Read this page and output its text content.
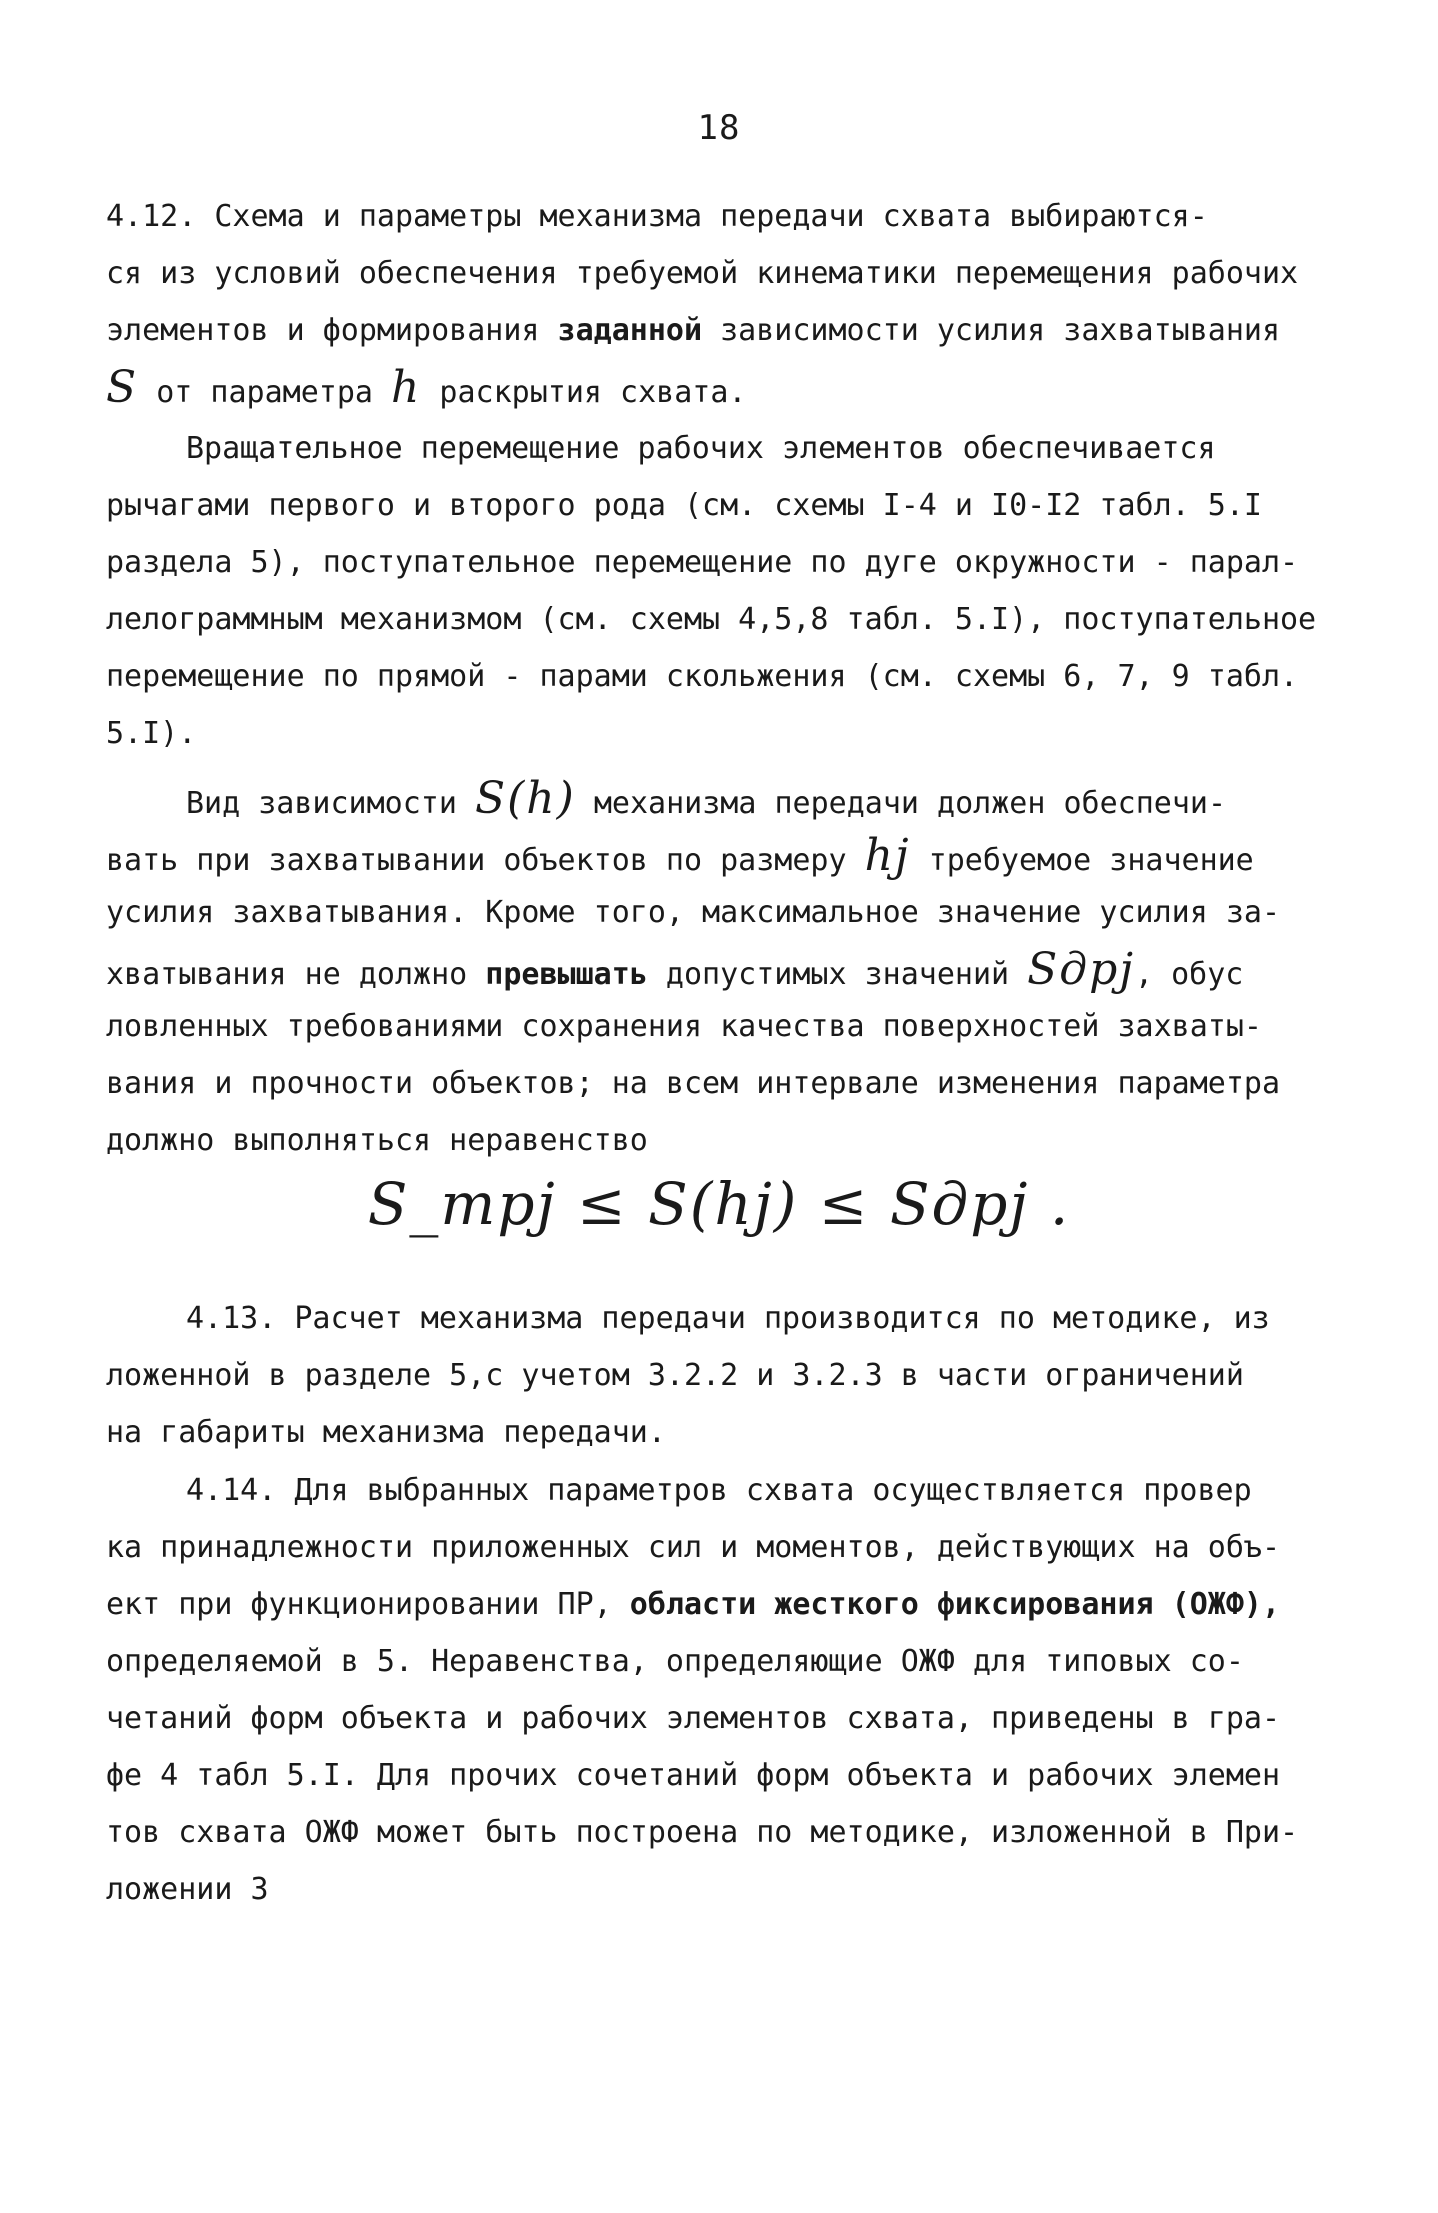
18
4.12. Схема и параметры механизма передачи схвата выбираются-
ся из условий обеспечения требуемой кинематики перемещения рабочих
элементов и формирования заданной зависимости усилия захватывания
S от параметра h раскрытия схвата.
Вращательное перемещение рабочих элементов обеспечивается
рычагами первого и второго рода (см. схемы I-4 и I0-I2 табл. 5.I
раздела 5), поступательное перемещение по дуге окружности - парал-
лелограммным механизмом (см. схемы 4,5,8 табл. 5.I), поступательное
перемещение по прямой - парами скольжения (см. схемы 6, 7, 9 табл.
5.I).
Вид зависимости S(h) механизма передачи должен обеспечи-
вать при захватывании объектов по размеру hj требуемое значение
усилия захватывания. Кроме того, максимальное значение усилия за-
хватывания не должно превышать допустимых значений Sдрj, обус
ловленных требованиями сохранения качества поверхностей захваты-
вания и прочности объектов; на всем интервале изменения параметра
должно выполняться неравенство
S_трj ≤ S(hj) ≤ Sдрj .
4.13. Расчет механизма передачи производится по методике, из
ложенной в разделе 5,с учетом 3.2.2 и 3.2.3 в части ограничений
на габариты механизма передачи.
4.14. Для выбранных параметров схвата осуществляется провер
ка принадлежности приложенных сил и моментов, действующих на объ-
ект при функционировании ПР, области жесткого фиксирования (ОЖФ),
определяемой в 5. Неравенства, определяющие ОЖФ для типовых со-
четаний форм объекта и рабочих элементов схвата, приведены в гра-
фе 4 табл 5.I. Для прочих сочетаний форм объекта и рабочих элемен
тов схвата ОЖФ может быть построена по методике, изложенной в При-
ложении 3
